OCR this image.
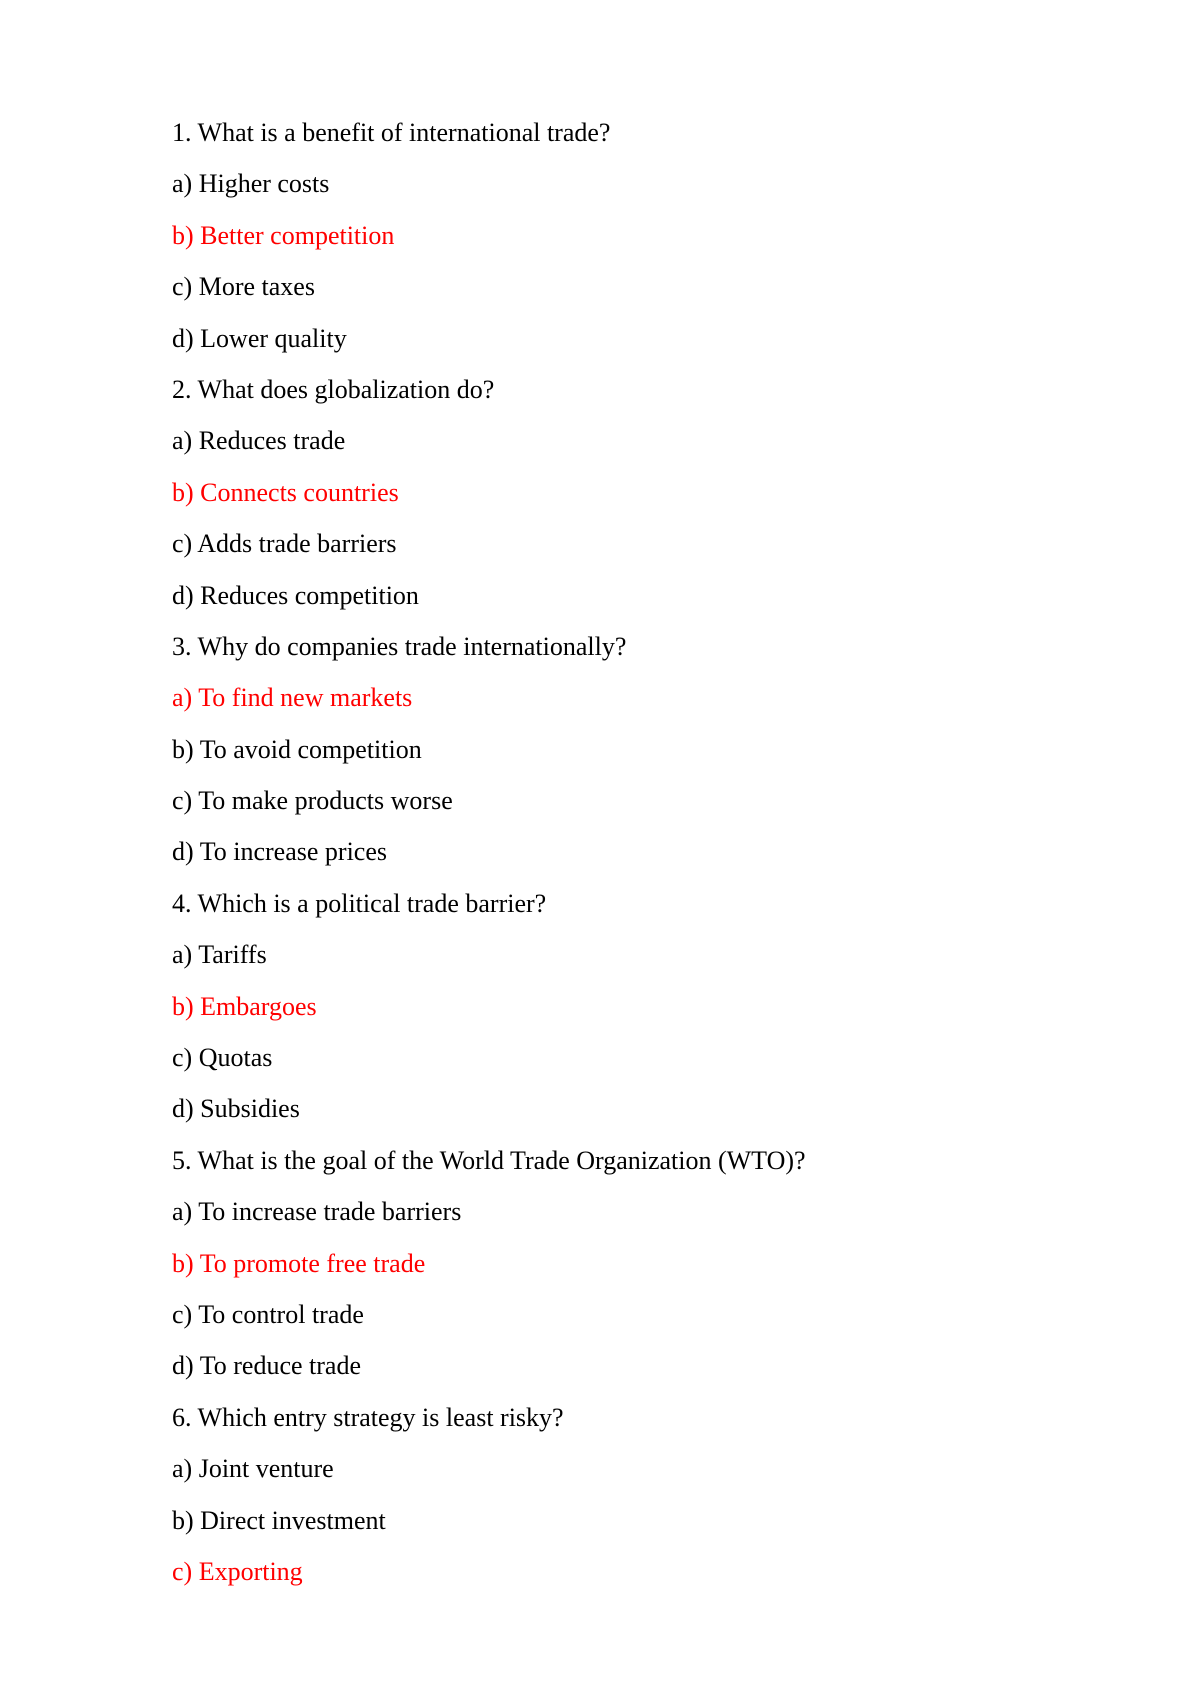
1. What is a benefit of international trade?

a) Higher costs

b) Better competition

c) More taxes

d) Lower quality

2. What does globalization do?

a) Reduces trade

b) Connects countries

c) Adds trade barriers

d) Reduces competition

3. Why do companies trade internationally?

a) To find new markets

b) To avoid competition

c) To make products worse

d) To increase prices

4. Which is a political trade barrier?

a) Tariffs

b) Embargoes

c) Quotas

d) Subsidies

5. What is the goal of the World Trade Organization (WTO)?

a) To increase trade barriers

b) To promote free trade

c) To control trade

d) To reduce trade

6. Which entry strategy is least risky?

a) Joint venture

b) Direct investment

c) Exporting
